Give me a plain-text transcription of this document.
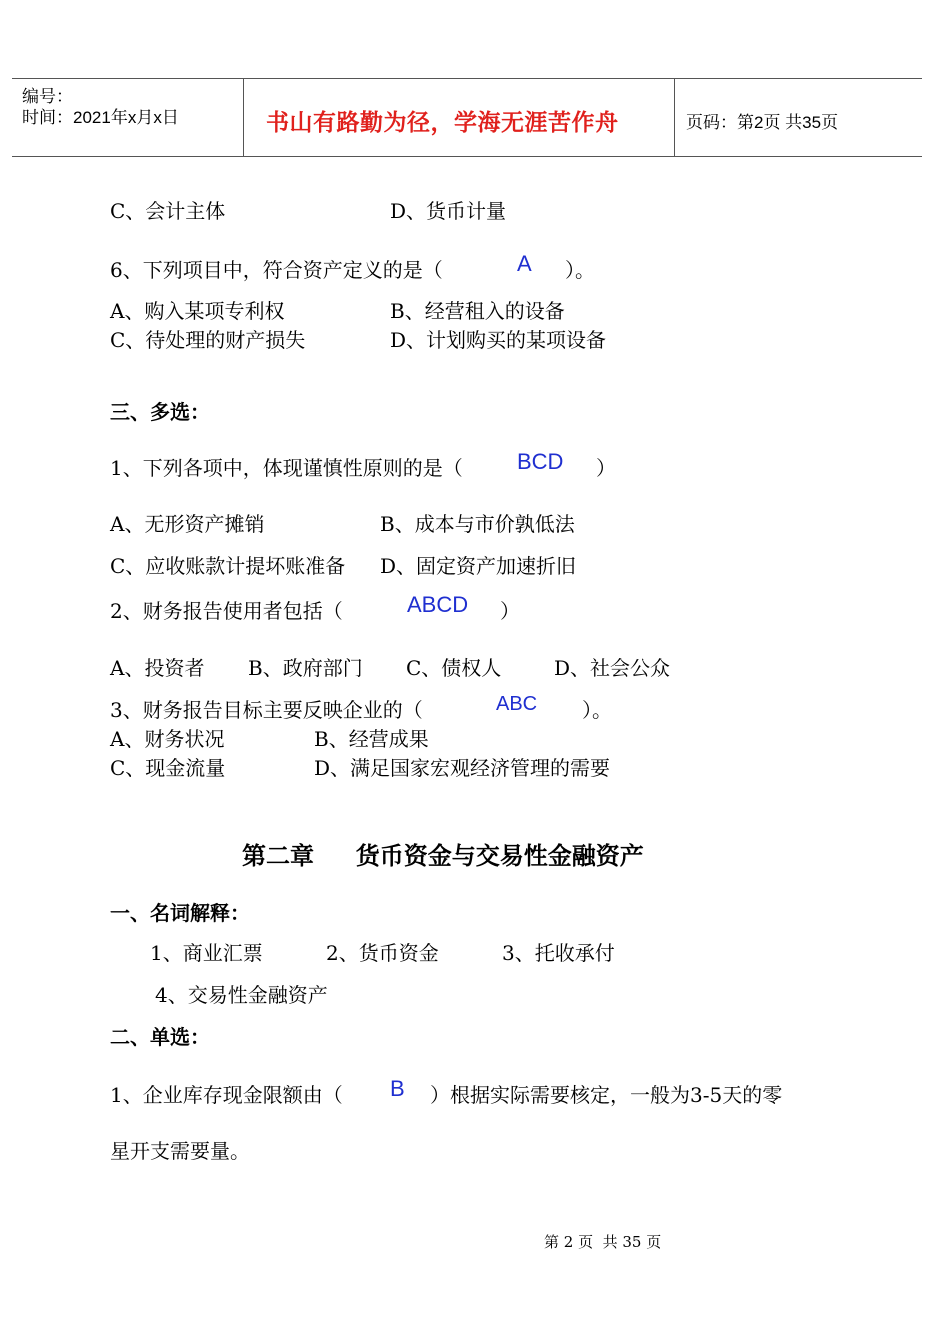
编号：
时间：2021年x月x日	书山有路勤为径，学海无涯苦作舟	页码：第2页 共35页
C、会计主体	D、货币计量
6、下列项目中，符合资产定义的是（	A ）。
A、购入某项专利权	B、经营租入的设备
C、待处理的财产损失	D、计划购买的某项设备
三、多选：
1、下列各项中，体现谨慎性原则的是（ BCD ）
A、无形资产摊销	B、成本与市价孰低法
C、应收账款计提坏账准备 D、固定资产加速折旧
2、财务报告使用者包括（	ABCD ）
A、投资者 B、政府部门 C、债权人	D、社会公众
3、财务报告目标主要反映企业的（	ABC ）。
A、财务状况	B、经营成果
C、现金流量	D、满足国家宏观经济管理的需要
第二章     货币资金与交易性金融资产
一、名词解释：
1、商业汇票	2、货币资金	3、托收承付
4、交易性金融资产
二、单选：
1、企业库存现金限额由（ B ）根据实际需要核定，一般为3-5天的零
星开支需要量。
第 2 页  共 35 页
